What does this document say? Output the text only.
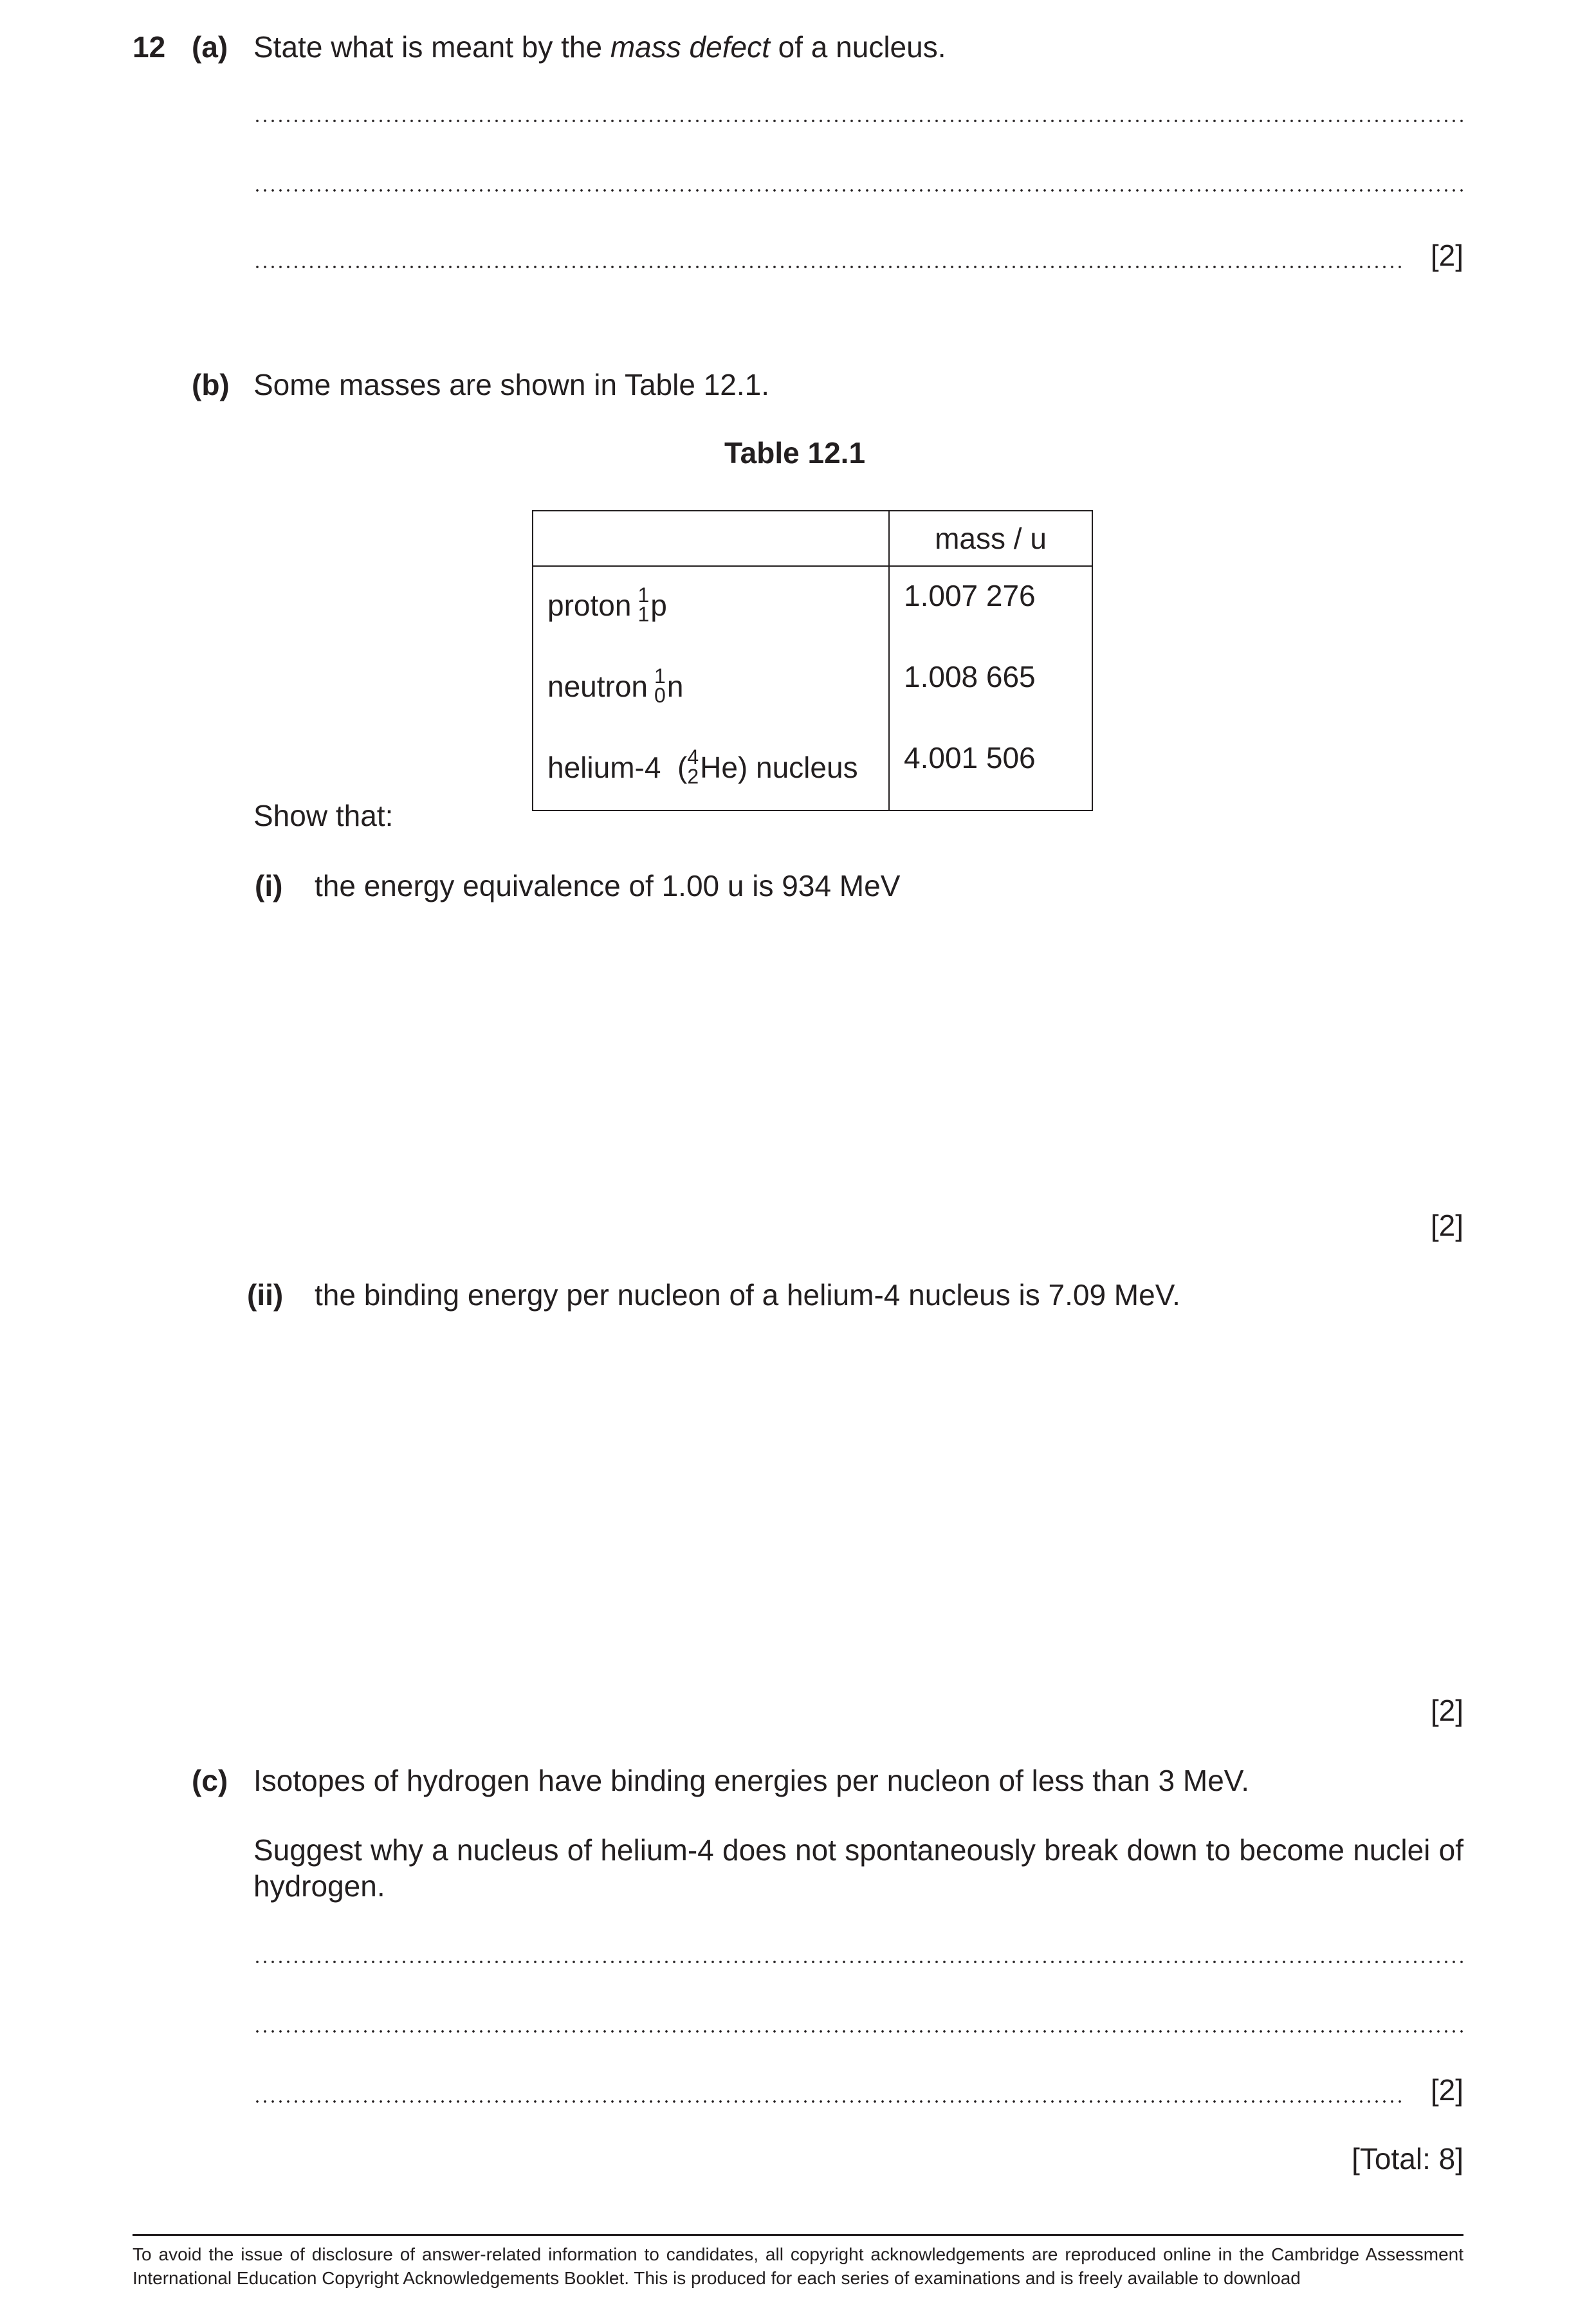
12 (a) State what is meant by the mass defect of a nucleus.
[2]
(b) Some masses are shown in Table 12.1.
Table 12.1
	mass / u
proton 1
1 p	1.007 276
neutron 1
0 n	1.008 665
helium-4 ( 4
2 He) nucleus	4.001 506
Show that:
(i) the energy equivalence of 1.00 u is 934 MeV
[2]
(ii) the binding energy per nucleon of a helium-4 nucleus is 7.09 MeV.
[2]
(c) Isotopes of hydrogen have binding energies per nucleon of less than 3 MeV.
Suggest why a nucleus of helium-4 does not spontaneously break down to become nuclei of hydrogen.
[2]
[Total: 8]
To avoid the issue of disclosure of answer-related information to candidates, all copyright acknowledgements are reproduced online in the Cambridge Assessment International Education Copyright Acknowledgements Booklet. This is produced for each series of examinations and is freely available to download
